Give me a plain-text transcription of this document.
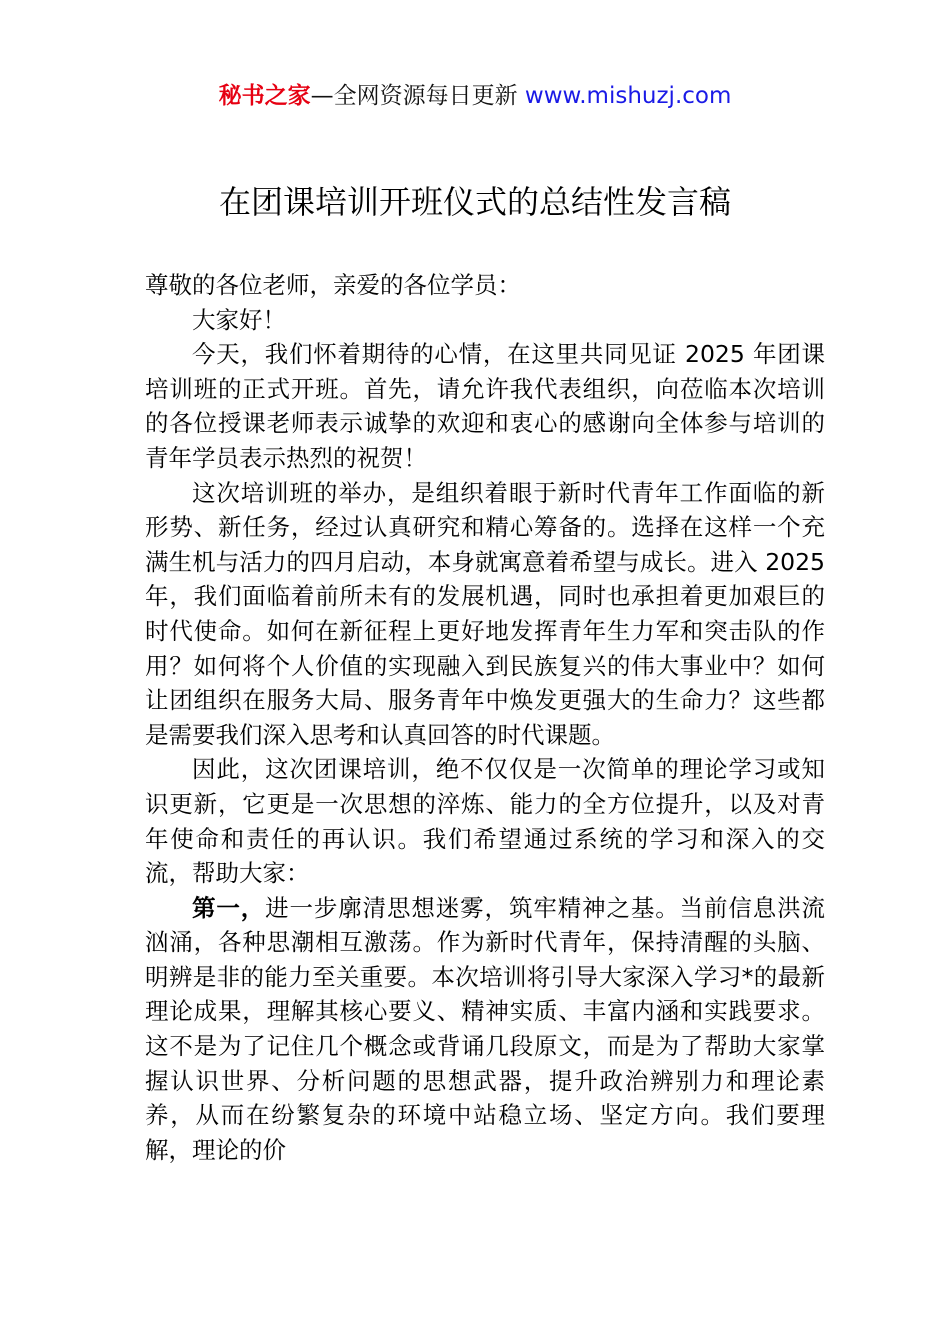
秘书之家—全网资源每日更新 www.mishuzj.com
在团课培训开班仪式的总结性发言稿

尊敬的各位老师，亲爱的各位学员：

大家好！

今天，我们怀着期待的心情，在这里共同见证 2025 年团课培训班的正式开班。首先，请允许我代表组织，向莅临本次培训的各位授课老师表示诚挚的欢迎和衷心的感谢向全体参与培训的青年学员表示热烈的祝贺！

这次培训班的举办，是组织着眼于新时代青年工作面临的新形势、新任务，经过认真研究和精心筹备的。选择在这样一个充满生机与活力的四月启动，本身就寓意着希望与成长。进入 2025 年，我们面临着前所未有的发展机遇，同时也承担着更加艰巨的时代使命。如何在新征程上更好地发挥青年生力军和突击队的作用？如何将个人价值的实现融入到民族复兴的伟大事业中？如何让团组织在服务大局、服务青年中焕发更强大的生命力？这些都是需要我们深入思考和认真回答的时代课题。

因此，这次团课培训，绝不仅仅是一次简单的理论学习或知识更新，它更是一次思想的淬炼、能力的全方位提升，以及对青年使命和责任的再认识。我们希望通过系统的学习和深入的交流，帮助大家：

第一，进一步廓清思想迷雾，筑牢精神之基。当前信息洪流汹涌，各种思潮相互激荡。作为新时代青年，保持清醒的头脑、明辨是非的能力至关重要。本次培训将引导大家深入学习*的最新理论成果，理解其核心要义、精神实质、丰富内涵和实践要求。这不是为了记住几个概念或背诵几段原文，而是为了帮助大家掌握认识世界、分析问题的思想武器，提升政治辨别力和理论素养，从而在纷繁复杂的环境中站稳立场、坚定方向。我们要理解，理论的价
